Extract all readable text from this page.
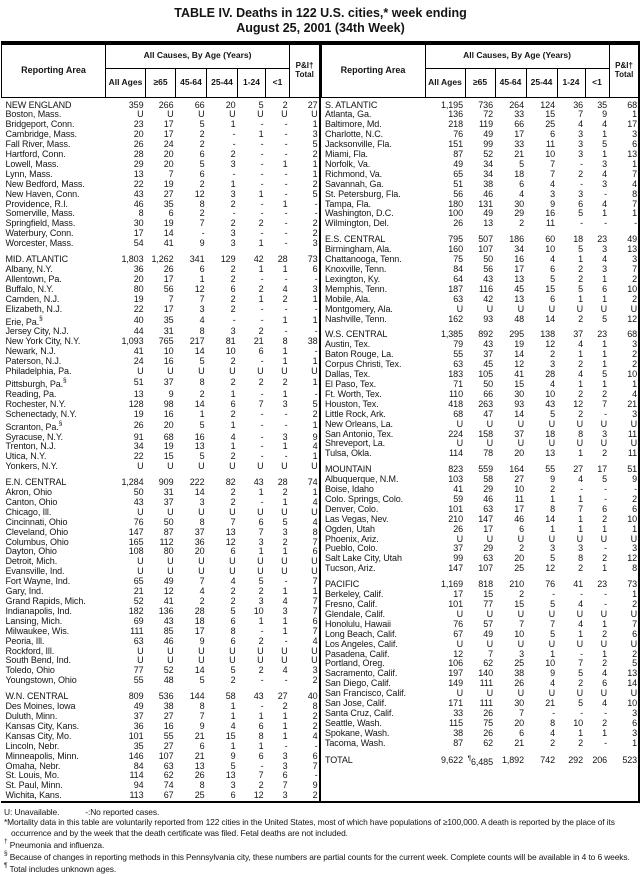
TABLE IV. Deaths in 122 U.S. cities,* week ending
August 25, 2001 (34th Week)
Reporting Area	All Causes, By Age (Years)						P&I†
Total

	All Ages	≥65	45-64	25-44	1-24	<1	
NEW ENGLAND	359	266	66	20	5	2	27
Boston, Mass.	U	U	U	U	U	U	U
Bridgeport, Conn.	23	17	5	1	-	-	1
Cambridge, Mass.	20	17	2	-	1	-	3
Fall River, Mass.	26	24	2	-	-	-	5
Hartford, Conn.	28	20	6	2	-	-	2
Lowell, Mass.	29	20	5	3	-	1	1
Lynn, Mass.	13	7	6	-	-	-	1
New Bedford, Mass.	22	19	2	1	-	-	2
New Haven, Conn.	43	27	12	3	1	-	5
Providence, R.I.	46	35	8	2	-	1	-
Somerville, Mass.	8	6	2	-	-	-	-
Springfield, Mass.	30	19	7	2	2	-	2
Waterbury, Conn.	17	14	-	3	-	-	2
Worcester, Mass.	54	41	9	3	1	-	3

MID. ATLANTIC	1,803	1,262	341	129	42	28	73
Albany, N.Y.	36	26	6	2	1	1	6
Allentown, Pa.	20	17	1	2	-	-	-
Buffalo, N.Y.	80	56	12	6	2	4	3
Camden, N.J.	19	7	7	2	1	2	1
Elizabeth, N.J.	22	17	3	2	-	-	-
Erie, Pa.§	40	35	4	-	-	1	1
Jersey City, N.J.	44	31	8	3	2	-	-
New York City, N.Y.	1,093	765	217	81	21	8	38
Newark, N.J.	41	10	14	10	6	1	-
Paterson, N.J.	24	16	5	2	-	1	1
Philadelphia, Pa.	U	U	U	U	U	U	U
Pittsburgh, Pa.§	51	37	8	2	2	2	1
Reading, Pa.	13	9	2	1	-	1	-
Rochester, N.Y.	128	98	14	6	7	3	5
Schenectady, N.Y.	19	16	1	2	-	-	2
Scranton, Pa.§	26	20	5	1	-	-	1
Syracuse, N.Y.	91	68	16	4	-	3	9
Trenton, N.J.	34	19	13	1	-	1	4
Utica, N.Y.	22	15	5	2	-	-	1
Yonkers, N.Y.	U	U	U	U	U	U	U

E.N. CENTRAL	1,284	909	222	82	43	28	74
Akron, Ohio	50	31	14	2	1	2	1
Canton, Ohio	43	37	3	2	-	1	4
Chicago, Ill.	U	U	U	U	U	U	U
Cincinnati, Ohio	76	50	8	7	6	5	4
Cleveland, Ohio	147	87	37	13	7	3	8
Columbus, Ohio	165	112	36	12	3	2	7
Dayton, Ohio	108	80	20	6	1	1	6
Detroit, Mich.	U	U	U	U	U	U	U
Evansville, Ind.	U	U	U	U	U	U	U
Fort Wayne, Ind.	65	49	7	4	5	-	7
Gary, Ind.	21	12	4	2	2	1	1
Grand Rapids, Mich.	52	41	2	2	3	4	7
Indianapolis, Ind.	182	136	28	5	10	3	7
Lansing, Mich.	69	43	18	6	1	1	6
Milwaukee, Wis.	111	85	17	8	-	1	7
Peoria, Ill.	63	46	9	6	2	-	4
Rockford, Ill.	U	U	U	U	U	U	U
South Bend, Ind.	U	U	U	U	U	U	U
Toledo, Ohio	77	52	14	5	2	4	3
Youngstown, Ohio	55	48	5	2	-	-	2

W.N. CENTRAL	809	536	144	58	43	27	40
Des Moines, Iowa	49	38	8	1	-	2	8
Duluth, Minn.	37	27	7	1	1	1	2
Kansas City, Kans.	36	16	9	4	6	1	2
Kansas City, Mo.	101	55	21	15	8	1	4
Lincoln, Nebr.	35	27	6	1	1	-	-
Minneapolis, Minn.	146	107	21	9	6	3	6
Omaha, Nebr.	84	63	13	5	-	3	7
St. Louis, Mo.	114	62	26	13	7	6	-
St. Paul, Minn.	94	74	8	3	2	7	9
Wichita, Kans.	113	67	25	6	12	3	2
Reporting Area	All Causes, By Age (Years)						P&I†
Total

	All Ages	≥65	45-64	25-44	1-24	<1	
S. ATLANTIC	1,195	736	264	124	36	35	68
Atlanta, Ga.	136	72	33	15	7	9	1
Baltimore, Md.	218	119	66	25	4	4	17
Charlotte, N.C.	76	49	17	6	3	1	3
Jacksonville, Fla.	151	99	33	11	3	5	6
Miami, Fla.	87	52	21	10	3	1	13
Norfolk, Va.	49	34	5	7	-	3	1
Richmond, Va.	65	34	18	7	2	4	7
Savannah, Ga.	51	38	6	4	-	3	4
St. Petersburg, Fla.	56	46	4	3	3	-	8
Tampa, Fla.	180	131	30	9	6	4	7
Washington, D.C.	100	49	29	16	5	1	1
Wilmington, Del.	26	13	2	11	-	-	-

E.S. CENTRAL	795	507	186	60	18	23	49
Birmingham, Ala.	160	107	34	10	5	3	13
Chattanooga, Tenn.	75	50	16	4	1	4	3
Knoxville, Tenn.	84	56	17	6	2	3	7
Lexington, Ky.	64	43	13	5	2	1	2
Memphis, Tenn.	187	116	45	15	5	6	10
Mobile, Ala.	63	42	13	6	1	1	2
Montgomery, Ala.	U	U	U	U	U	U	U
Nashville, Tenn.	162	93	48	14	2	5	12

W.S. CENTRAL	1,385	892	295	138	37	23	68
Austin, Tex.	79	43	19	12	4	1	3
Baton Rouge, La.	55	37	14	2	1	1	2
Corpus Christi, Tex.	63	45	12	3	2	1	2
Dallas, Tex.	183	105	41	28	4	5	10
El Paso, Tex.	71	50	15	4	1	1	1
Ft. Worth, Tex.	110	66	30	10	2	2	4
Houston, Tex.	418	263	93	43	12	7	21
Little Rock, Ark.	68	47	14	5	2	-	3
New Orleans, La.	U	U	U	U	U	U	U
San Antonio, Tex.	224	158	37	18	8	3	11
Shreveport, La.	U	U	U	U	U	U	U
Tulsa, Okla.	114	78	20	13	1	2	11

MOUNTAIN	823	559	164	55	27	17	51
Albuquerque, N.M.	103	58	27	9	4	5	9
Boise, Idaho	41	29	10	2	-	-	-
Colo. Springs, Colo.	59	46	11	1	1	-	2
Denver, Colo.	101	63	17	8	7	6	6
Las Vegas, Nev.	210	147	46	14	1	2	10
Ogden, Utah	26	17	6	1	1	1	1
Phoenix, Ariz.	U	U	U	U	U	U	U
Pueblo, Colo.	37	29	2	3	3	-	3
Salt Lake City, Utah	99	63	20	5	8	2	12
Tucson, Ariz.	147	107	25	12	2	1	8

PACIFIC	1,169	818	210	76	41	23	73
Berkeley, Calif.	17	15	2	-	-	-	1
Fresno, Calif.	101	77	15	5	4	-	2
Glendale, Calif.	U	U	U	U	U	U	U
Honolulu, Hawaii	76	57	7	7	4	1	7
Long Beach, Calif.	67	49	10	5	1	2	6
Los Angeles, Calif.	U	U	U	U	U	U	U
Pasadena, Calif.	12	7	3	1	-	1	2
Portland, Oreg.	106	62	25	10	7	2	5
Sacramento, Calif.	197	140	38	9	5	4	13
San Diego, Calif.	149	111	26	4	2	6	14
San Francisco, Calif.	U	U	U	U	U	U	U
San Jose, Calif.	171	111	30	21	5	4	10
Santa Cruz, Calif.	33	26	7	-	-	-	3
Seattle, Wash.	115	75	20	8	10	2	6
Spokane, Wash.	38	26	6	4	1	1	3
Tacoma, Wash.	87	62	21	2	2	-	1

TOTAL	9,622	¶6,485	1,892	742	292	206	523
U: Unavailable.	-:No reported cases.
*Mortality data in this table are voluntarily reported from 122 cities in the United States, most of which have populations of ≥100,000. A death is reported by the place of its occurrence and by the week that the death certificate was filed. Fetal deaths are not included.
† Pneumonia and influenza.
§ Because of changes in reporting methods in this Pennsylvania city, these numbers are partial counts for the current week. Complete counts will be available in 4 to 6 weeks.
¶ Total includes unknown ages.
